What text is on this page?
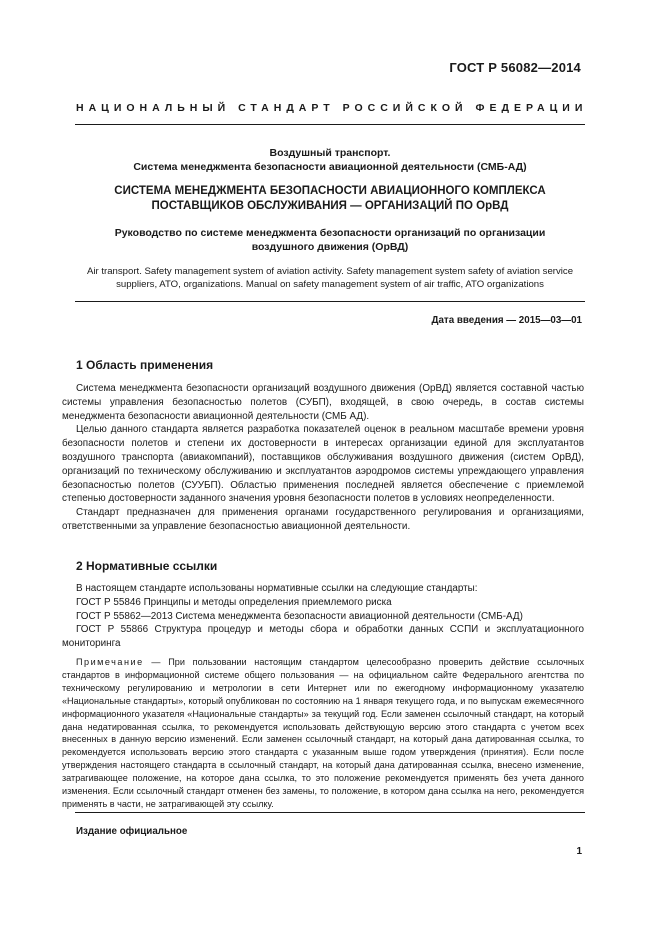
ГОСТ Р 56082—2014
НАЦИОНАЛЬНЫЙ СТАНДАРТ РОССИЙСКОЙ ФЕДЕРАЦИИ
Воздушный транспорт.
Система менеджмента безопасности авиационной деятельности (СМБ-АД)
СИСТЕМА МЕНЕДЖМЕНТА БЕЗОПАСНОСТИ АВИАЦИОННОГО КОМПЛЕКСА
ПОСТАВЩИКОВ ОБСЛУЖИВАНИЯ — ОРГАНИЗАЦИЙ ПО ОрВД
Руководство по системе менеджмента безопасности организаций по организации
воздушного движения (ОрВД)
Air transport. Safety management system of aviation activity. Safety management system safety of aviation service
suppliers, ATO, organizations. Manual on safety management system of air traffic, ATO organizations
Дата введения — 2015—03—01
1 Область применения

Система менеджмента безопасности организаций воздушного движения (ОрВД) является составной частью системы управления безопасностью полетов (СУБП), входящей, в свою очередь, в состав системы менеджмента безопасности авиационной деятельности (СМБ АД).

Целью данного стандарта является разработка показателей оценок в реальном масштабе времени уровня безопасности полетов и степени их достоверности в интересах организации единой для эксплуатантов воздушного транспорта (авиакомпаний), поставщиков обслуживания воздушного движения (систем ОрВД), организаций по техническому обслуживанию и эксплуатантов аэродромов системы упреждающего управления безопасностью полетов (СУУБП). Областью применения последней является обеспечение с приемлемой степенью достоверности заданного значения уровня безопасности полетов в условиях неопределенности.

Стандарт предназначен для применения органами государственного регулирования и организациями, ответственными за управление безопасностью авиационной деятельности.

2 Нормативные ссылки

В настоящем стандарте использованы нормативные ссылки на следующие стандарты:

ГОСТ Р 55846 Принципы и методы определения приемлемого риска

ГОСТ Р 55862—2013 Система менеджмента безопасности авиационной деятельности (СМБ-АД)

ГОСТ Р 55866 Структура процедур и методы сбора и обработки данных ССПИ и эксплуатационного мониторинга

Примечание — При пользовании настоящим стандартом целесообразно проверить действие ссылочных стандартов в информационной системе общего пользования — на официальном сайте Федерального агентства по техническому регулированию и метрологии в сети Интернет или по ежегодному информационному указателю «Национальные стандарты», который опубликован по состоянию на 1 января текущего года, и по выпускам ежемесячного информационного указателя «Национальные стандарты» за текущий год. Если заменен ссылочный стандарт, на который дана недатированная ссылка, то рекомендуется использовать действующую версию этого стандарта с учетом всех внесенных в данную версию изменений. Если заменен ссылочный стандарт, на который дана датированная ссылка, то рекомендуется использовать версию этого стандарта с указанным выше годом утверждения (принятия). Если после утверждения настоящего стандарта в ссылочный стандарт, на который дана датированная ссылка, внесено изменение, затрагивающее положение, на которое дана ссылка, то это положение рекомендуется применять без учета данного изменения. Если ссылочный стандарт отменен без замены, то положение, в котором дана ссылка на него, рекомендуется применять в части, не затрагивающей эту ссылку.

Издание официальное
1
